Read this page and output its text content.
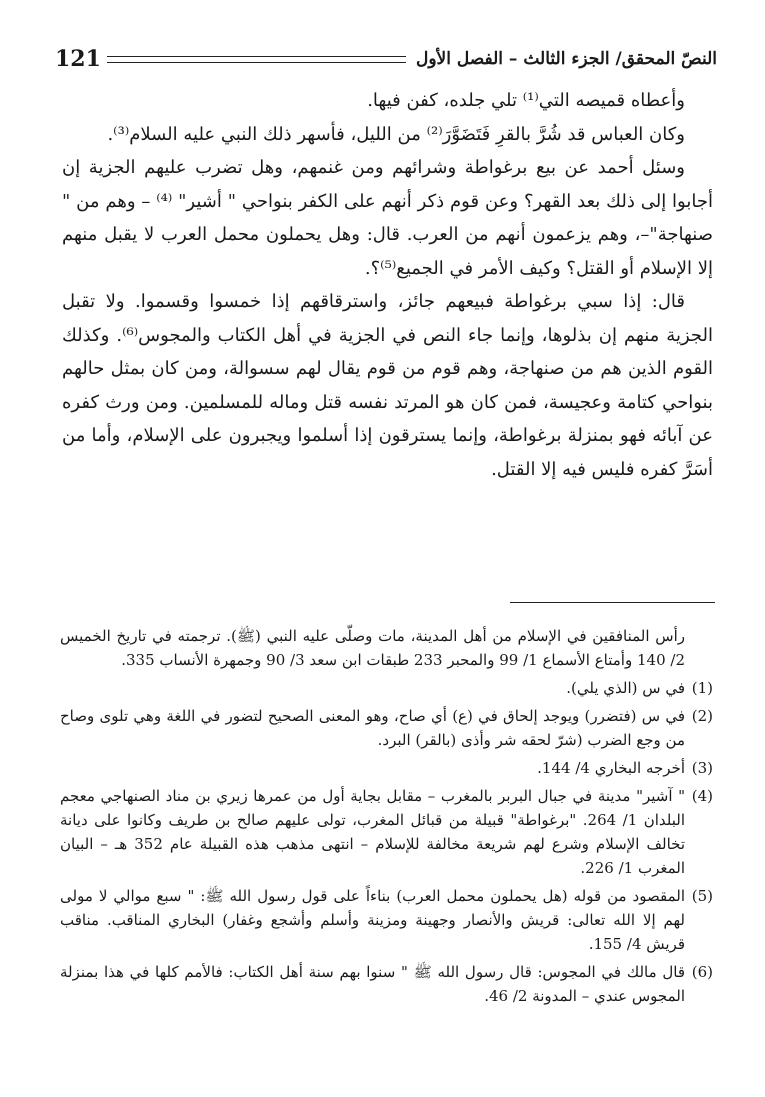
النصّ المحقق/ الجزء الثالث – الفصل الأول
121

وأعطاه قميصه التي⁽¹⁾ تلي جلده، كفن فيها.

وكان العباس قد شُرَّ بالقرِ فَتَضَوَّرَ⁽²⁾ من الليل، فأسهر ذلك النبي عليه السلام⁽³⁾.

وسئل أحمد عن بيع برغواطة وشرائهم ومن غنمهم، وهل تضرب عليهم الجزية إن أجابوا إلى ذلك بعد القهر؟ وعن قوم ذكر أنهم على الكفر بنواحي " أشير" ⁽⁴⁾ – وهم من " صنهاجة"–، وهم يزعمون أنهم من العرب. قال: وهل يحملون محمل العرب لا يقبل منهم إلا الإسلام أو القتل؟ وكيف الأمر في الجميع⁽⁵⁾؟.

قال: إذا سبي برغواطة فبيعهم جائز، واسترقاقهم إذا خمسوا وقسموا. ولا تقبل الجزية منهم إن بذلوها، وإنما جاء النص في الجزية في أهل الكتاب والمجوس⁽⁶⁾. وكذلك القوم الذين هم من صنهاجة، وهم قوم من قوم يقال لهم سسوالة، ومن كان بمثل حالهم بنواحي كتامة وعجيسة، فمن كان هو المرتد نفسه قتل وماله للمسلمين. ومن ورث كفره عن آبائه فهو بمنزلة برغواطة، وإنما يسترقون إذا أسلموا ويجبرون على الإسلام، وأما من أسَرَّ كفره فليس فيه إلا القتل.

رأس المنافقين في الإسلام من أهل المدينة، مات وصلّى عليه النبي (ﷺ). ترجمته في تاريخ الخميس 2/ 140 وأمتاع الأسماع 1/ 99 والمحبر 233 طبقات ابن سعد 3/ 90 وجمهرة الأنساب 335.

(1)
في س (الذي يلي).

(2)
في س (فتضرر) ويوجد إلحاق في (ع) أي صاح، وهو المعنى الصحيح لتضور في اللغة وهي تلوى وصاح من وجع الضرب (شرّ لحقه شر وأذى (بالقر) البرد.

(3)
أخرجه البخاري 4/ 144.

(4)
" آشير" مدينة في جبال البربر بالمغرب – مقابل بجاية أول من عمرها زيري بن مناد الصنهاجي معجم البلدان 1/ 264. "برغواطة" قبيلة من قبائل المغرب، تولى عليهم صالح بن طريف وكانوا على ديانة تخالف الإسلام وشرع لهم شريعة مخالفة للإسلام – انتهى مذهب هذه القبيلة عام 352 هـ – البيان المغرب 1/ 226.

(5)
المقصود من قوله (هل يحملون محمل العرب) بناءاً على قول رسول الله ﷺ: " سبع موالي لا مولى لهم إلا الله تعالى: قريش والأنصار وجهينة ومزينة وأسلم وأشجع وغفار) البخاري المناقب. مناقب قريش 4/ 155.

(6)
قال مالك في المجوس: قال رسول الله ﷺ " سنوا بهم سنة أهل الكتاب: فالأمم كلها في هذا بمنزلة المجوس عندي – المدونة 2/ 46.
